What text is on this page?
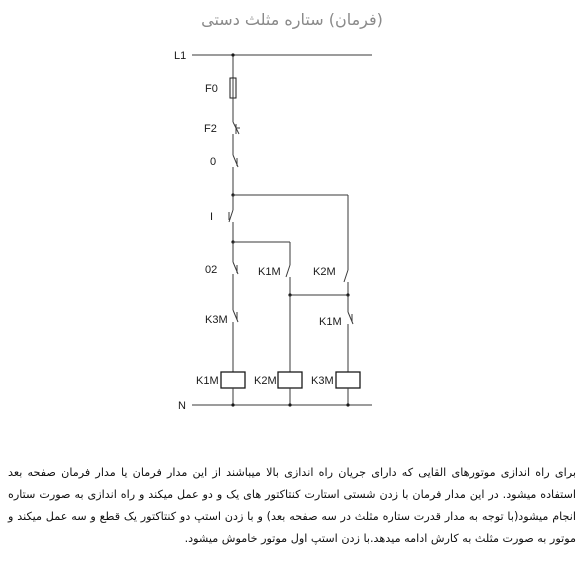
(فرمان) ستاره مثلث دستی
L1
F0
F2
0
I
02	K1M	K2M
K3M	K1M
K1M	K2M	K3M
N
برای راه اندازی موتورهای القایی که دارای جریان راه اندازی بالا میباشند از این مدار فرمان یا مدار فرمان صفحه بعد استفاده میشود. در این مدار فرمان با زدن شستی استارت کنتاکتور های یک و دو عمل میکند و راه اندازی به صورت ستاره انجام میشود(با توجه به مدار قدرت ستاره مثلث در سه صفحه بعد) و با زدن استپ دو کنتاکتور یک قطع و سه عمل میکند و موتور به صورت مثلث به کارش ادامه میدهد.با زدن استپ اول موتور خاموش میشود.
